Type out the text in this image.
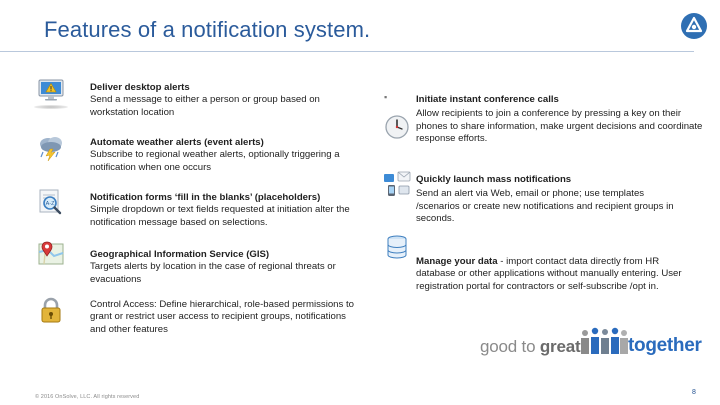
Features of a notification system.
A-Z
Deliver desktop alerts
Send a message to either a person or group based on workstation location
Automate weather alerts (event alerts)
Subscribe to regional weather alerts, optionally triggering a notification when one occurs
Notification forms ‘fill in the blanks’ (placeholders)
Simple dropdown or text fields requested at initiation alter the notification message based on selections.
Geographical Information Service (GIS)
Targets alerts by location in the case of regional threats or evacuations
Control Access: Define hierarchical, role-based permissions to grant or restrict user access to recipient groups, notifications and other features
▪	Initiate instant conference calls
Allow recipients to join a conference by pressing a key on their phones to share information, make urgent decisions and coordinate response efforts.
Quickly launch mass notifications
Send an alert via Web, email or phone; use templates /scenarios or create new notifications and recipient groups in seconds.
Manage your data - import contact data directly from HR database or other applications without manually entering. User registration portal for contractors or self-subscribe /opt in.
good to great	together
© 2016 OnSolve, LLC. All rights reserved
8
